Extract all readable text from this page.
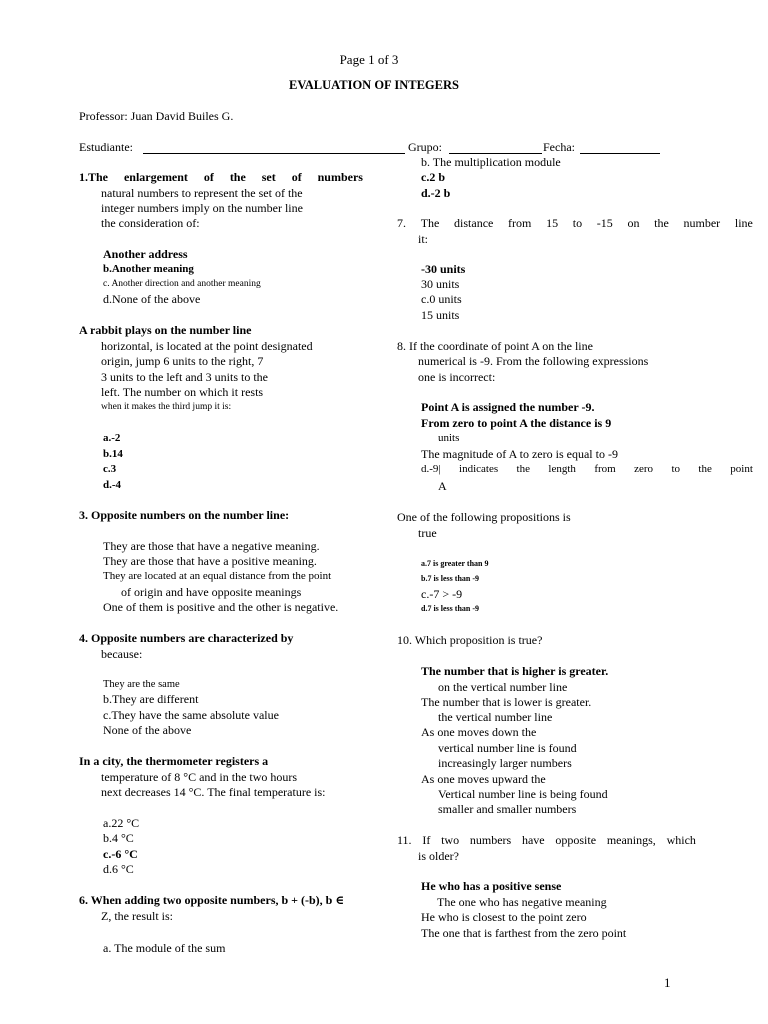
Page 1 of 3
EVALUATION OF INTEGERS
Professor: Juan David Builes G.
Estudiante:	Grupo:	Fecha:
1.The enlargement of the set of numbers
natural numbers to represent the set of the
integer numbers imply on the number line
the consideration of:
Another address
b.Another meaning
c. Another direction and another meaning
d.None of the above
A rabbit plays on the number line
horizontal, is located at the point designated
origin, jump 6 units to the right, 7
3 units to the left and 3 units to the
left. The number on which it rests
when it makes the third jump it is:
a.-2
b.14
c.3
d.-4
3. Opposite numbers on the number line:
They are those that have a negative meaning.
They are those that have a positive meaning.
They are located at an equal distance from the point
of origin and have opposite meanings
One of them is positive and the other is negative.
4. Opposite numbers are characterized by
because:
They are the same
b.They are different
c.They have the same absolute value
None of the above
In a city, the thermometer registers a
temperature of 8 °C and in the two hours
next decreases 14 °C. The final temperature is:
a.22 °C
b.4 °C
c.-6 °C
d.6 °C
6. When adding two opposite numbers, b + (-b), b ∈
Z, the result is:
a. The module of the sum
b. The multiplication module
c.2 b
d.-2 b
7. The distance from 15 to -15 on the number line
it:
-30 units
30 units
c.0 units
15 units
8. If the coordinate of point A on the line
numerical is -9. From the following expressions
one is incorrect:
Point A is assigned the number -9.
From zero to point A the distance is 9
units
The magnitude of A to zero is equal to -9
d.-9| indicates the length from zero to the point
A
One of the following propositions is
true
a.7 is greater than 9
b.7 is less than -9
c.-7 > -9
d.7 is less than -9
10. Which proposition is true?
The number that is higher is greater.
on the vertical number line
The number that is lower is greater.
the vertical number line
As one moves down the
vertical number line is found
increasingly larger numbers
As one moves upward the
Vertical number line is being found
smaller and smaller numbers
11. If two numbers have opposite meanings, which
is older?
He who has a positive sense
The one who has negative meaning
He who is closest to the point zero
The one that is farthest from the zero point
1
